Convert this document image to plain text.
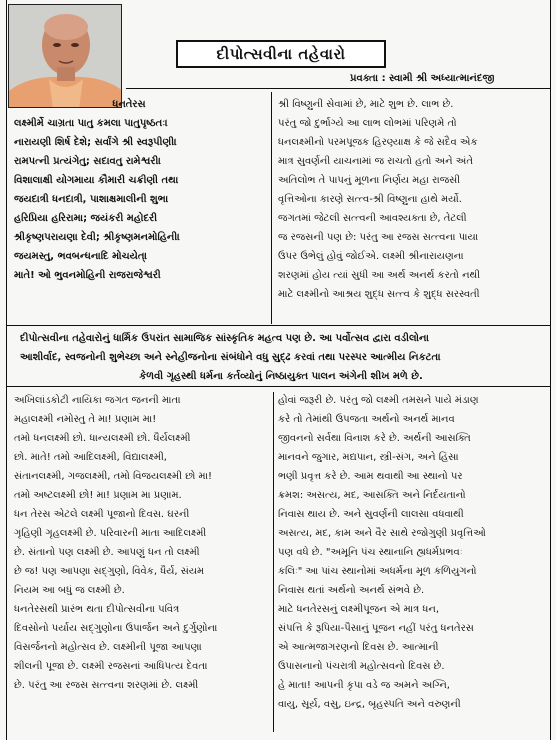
દીપોત્સવીના તહેવારો
પ્રવક્તા : સ્વામી શ્રી અધ્યાત્માનંદજી
ધનતેરસ
લક્ષ્મીર્મે ચાગ્રતા પાતુ કમલા પાતુપૃષ્ઠતઃ।
નારાયણી શિર્ષ દેશે; સર્વાંગે શ્રી સ્વરૂપીણી।
રામપત્ની પ્રત્યંગેતુ; સદાવતુ રામેશ્વરી।
વિશાલાક્ષી યોગમાયા કૌમારી ચક્રીણી તથા
જયદાત્રી ધનદાત્રી, પાશાક્ષમાલીની શુભા
હરિપ્રિયા હરિરામા; જયંકરી મહોદરી
શ્રીકૃષ્ણપરાયણા દેવી; શ્રીકૃષ્ણમનમોહિની।
જયમસ્તુ, ભવબન્ધનાદિ મોચયેત્।
માતે! ઓ ભુવનમોહિની રાજરાજેશ્વરી
શ્રી વિષ્ણુની સેવામાં છે, માટે શુભ છે. લાભ છે.
પરંતુ જો દુર્ભાગ્યે આ લાભ લોભમાં પરિણમે તો
ધનલક્ષ્મીનો પરમપૂજક હિરણ્યાક્ષ કે જે સદૈવ એક
માત્ર સુવર્ણની યાચનામાં જ રાચતો હતો અને અંતે
અતિલોભ તે પાપનું મૂળના નિર્ણય મહા રાજસી
વૃત્તિઓના કારણે સત્ત્વ-શ્રી વિષ્ણુના હાથે મર્યો.
જગતમાં જેટલી સત્ત્વની આવશ્યક્તા છે, તેટલી
જ રજસની પણ છે: પરંતુ આ રજસ સત્ત્વના પાયા
ઉપર ઉભેલું હોવું જોઈએ. લક્ષ્મી શ્રીનારાયણના
શરણમાં હોય ત્યાં સુધી આ અર્થ અનર્થ કરતો નથી
માટે લક્ષ્મીનો આશ્રય શુદ્ધ સત્ત્વ કે શુદ્ધ સરસ્વતી

દીપોત્સવીના તહેવારોનું ધાર્મિક ઉપરાંત સામાજિક સાંસ્કૃતિક મહત્વ પણ છે. આ પર્વોત્સવ દ્વારા વડીલોના

આશીર્વાદ, સ્વજનોની શુભેચ્છા અને સ્નેહીજનોના સંબંધોને વધુ સુદ્ઢ કરવાં તથા પરસ્પર આત્મીય નિકટતા

કેળવી ગૃહસ્થી ધર્મના કર્તવ્યોનું નિષ્ઠાયુક્ત પાલન અંગેની શીખ મળે છે.

અખિલાંડકોટી નાયિકા જગત જનની માતા
મહાલક્ષ્મી નમોસ્તુ તે મા! પ્રણામ મા!
તમો ધનલક્ષ્મી છો. ધાન્યલક્ષ્મી છો. ધૈર્યલક્ષ્મી
છો. માતે! તમો આદિલક્ષ્મી, વિદ્યાલક્ષ્મી,
સંતાનલક્ષ્મી, ગજલક્ષ્મી, તમો વિજયલક્ષ્મી છો મા!
તમો અષ્ટલક્ષ્મી છો! મા! પ્રણામ મા પ્રણામ.
ધન તેરસ એટલે લક્ષ્મી પૂજાનો દિવસ. ઘરની
ગૃહિણી ગૃહલક્ષ્મી છે. પરિવારની માતા આદિલક્ષ્મી
છે. સંતાનો પણ લક્ષ્મી છે. આપણું ધન તો લક્ષ્મી
છે જ! પણ આપણા સદ્ગુણો, વિવેક, ધૈર્ય, સંયમ
નિયમ આ બધું જ લક્ષ્મી છે.
ધનતેરસથી પ્રારંભ થતા દીપોત્સવીના પવિત્ર
દિવસોનો પર્યાય સદ્ગુણોના ઉપાર્જન અને દુર્ગુણોના
વિસર્જનનો મહોત્સવ છે. લક્ષ્મીની પૂજા આપણા
શીલની પૂજા છે. લક્ષ્મી રજસનાં આધિપત્ય દેવતા
છે. પરંતુ આ રજસ સત્ત્વના શરણમાં છે. લક્ષ્મી
હોવાં જરૂરી છે. પરંતુ જો લક્ષ્મી તમસને પાયે મંડાણ
કરે તો તેમાંથી ઉપજતા અર્થનો અનર્થ માનવ
જીવનનો સર્વથા વિનાશ કરે છે. અર્થની આસક્તિ
માનવને જુગાર, મદ્યપાન, સ્ત્રી-સંગ, અને હિંસા
ભણી પ્રવૃત્ત કરે છે. આમ થવાથી આ સ્થાનો પર
ક્રમશ: અસત્ય, મદ, આસક્તિ અને નિર્દયતાનો
નિવાસ થાય છે. અને સુવર્ણની લાલસા વધવાથી
અસત્ય, મદ, કામ અને વૈર સાથે રજોગુણી પ્રવૃત્તિઓ
પણ વધે છે. "અમૂનિ પંચ સ્થાનાનિ હ્યધર્મપ્રભવઃ
કલિઃ" આ પાંચ સ્થાનોમાં અધર્મના મૂળ કળિયુગનો
નિવાસ થતાં અર્થનો અનર્થ સંભવે છે.
માટે ધનતેરસનું લક્ષ્મીપૂજન એ માત્ર ધન,
સંપત્તિ કે રૂપિયા-પૈસાનું પૂજન નહીં પરંતુ ધનતેરસ
એ આત્મજાગરણનો દિવસ છે. આત્માની
ઉપાસનાનો પંચરાત્રી મહોત્સવનો દિવસ છે.
હે માતા! આપની કૃપા વડે જ અમને અગ્નિ,
વાયુ, સૂર્ય, વસુ, ઇન્દ્ર, બૃહસ્પતિ અને વરુણની
